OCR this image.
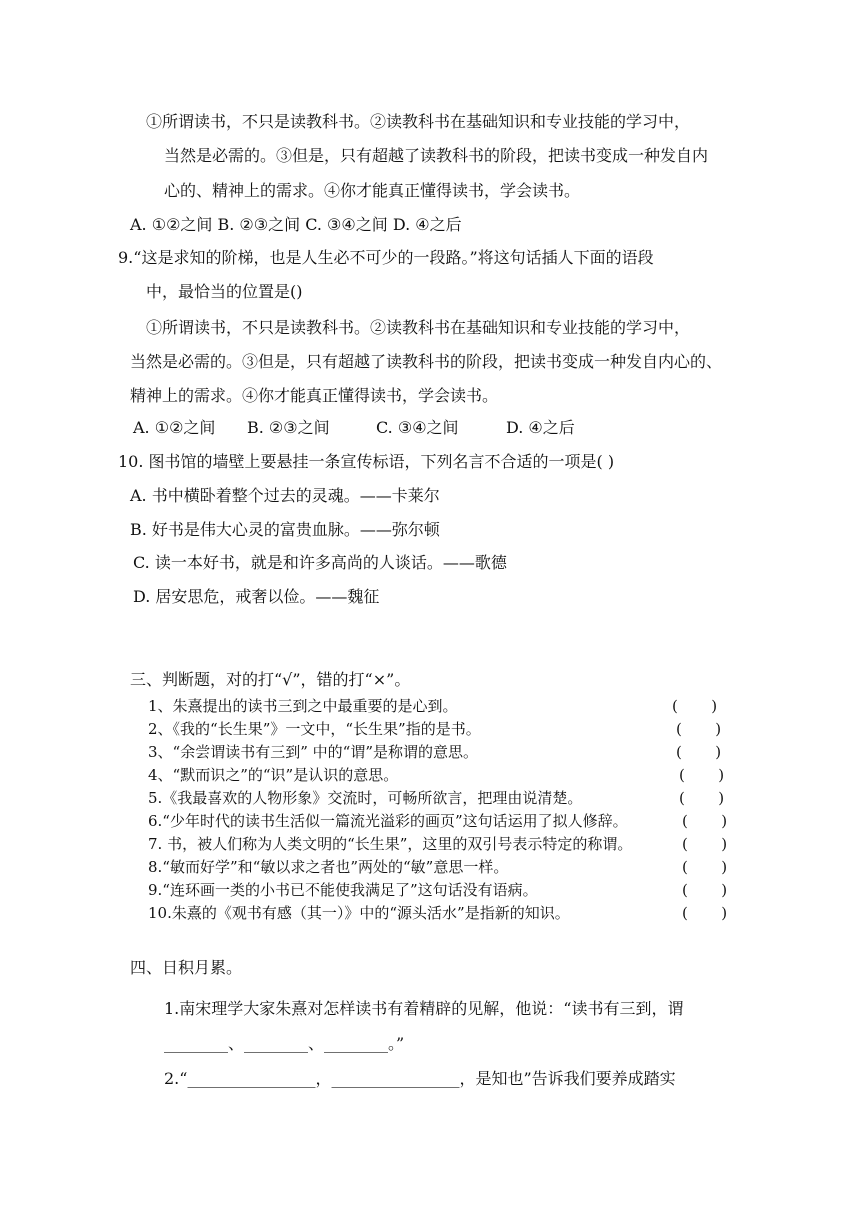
①所谓读书，不只是读教科书。②读教科书在基础知识和专业技能的学习中，
当然是必需的。③但是，只有超越了读教科书的阶段，把读书变成一种发自内
心的、精神上的需求。④你才能真正懂得读书，学会读书。
A. ①②之间 B. ②③之间 C. ③④之间 D. ④之后
9.“这是求知的阶梯，也是人生必不可少的一段路。”将这句话插人下面的语段
中，最恰当的位置是()
①所谓读书，不只是读教科书。②读教科书在基础知识和专业技能的学习中，
当然是必需的。③但是，只有超越了读教科书的阶段，把读书变成一种发自内心的、
精神上的需求。④你才能真正懂得读书，学会读书。
A. ①②之间 B. ②③之间	C. ③④之间	D. ④之后
10. 图书馆的墙壁上要悬挂一条宣传标语，下列名言不合适的一项是( )
A. 书中横卧着整个过去的灵魂。——卡莱尔
B. 好书是伟大心灵的富贵血脉。——弥尔顿
C. 读一本好书，就是和许多高尚的人谈话。——歌德
D. 居安思危，戒奢以俭。——魏征
三、判断题，对的打“√”，错的打“×”。
1、朱熹提出的读书三到之中最重要的是心到。	(       )
2、《我的“长生果”》一文中，“长生果”指的是书。	(       )
3、“余尝谓读书有三到” 中的“谓”是称谓的意思。	(       )
4、“默而识之”的“识”是认识的意思。	(       )
5.《我最喜欢的人物形象》交流时，可畅所欲言，把理由说清楚。	(       )
6.“少年时代的读书生活似一篇流光溢彩的画页”这句话运用了拟人修辞。	(       )
7. 书，被人们称为人类文明的“长生果”，这里的双引号表示特定的称谓。	(       )
8.“敏而好学”和“敏以求之者也”两处的“敏”意思一样。	(       )
9.“连环画一类的小书已不能使我满足了”这句话没有语病。	(       )
10.朱熹的《观书有感（其一）》中的“源头活水”是指新的知识。	(       )
四、日积月累。
1.南宋理学大家朱熹对怎样读书有着精辟的见解，他说：“读书有三到，谓
________、________、________。”
2.“________________，________________，是知也”告诉我们要养成踏实
